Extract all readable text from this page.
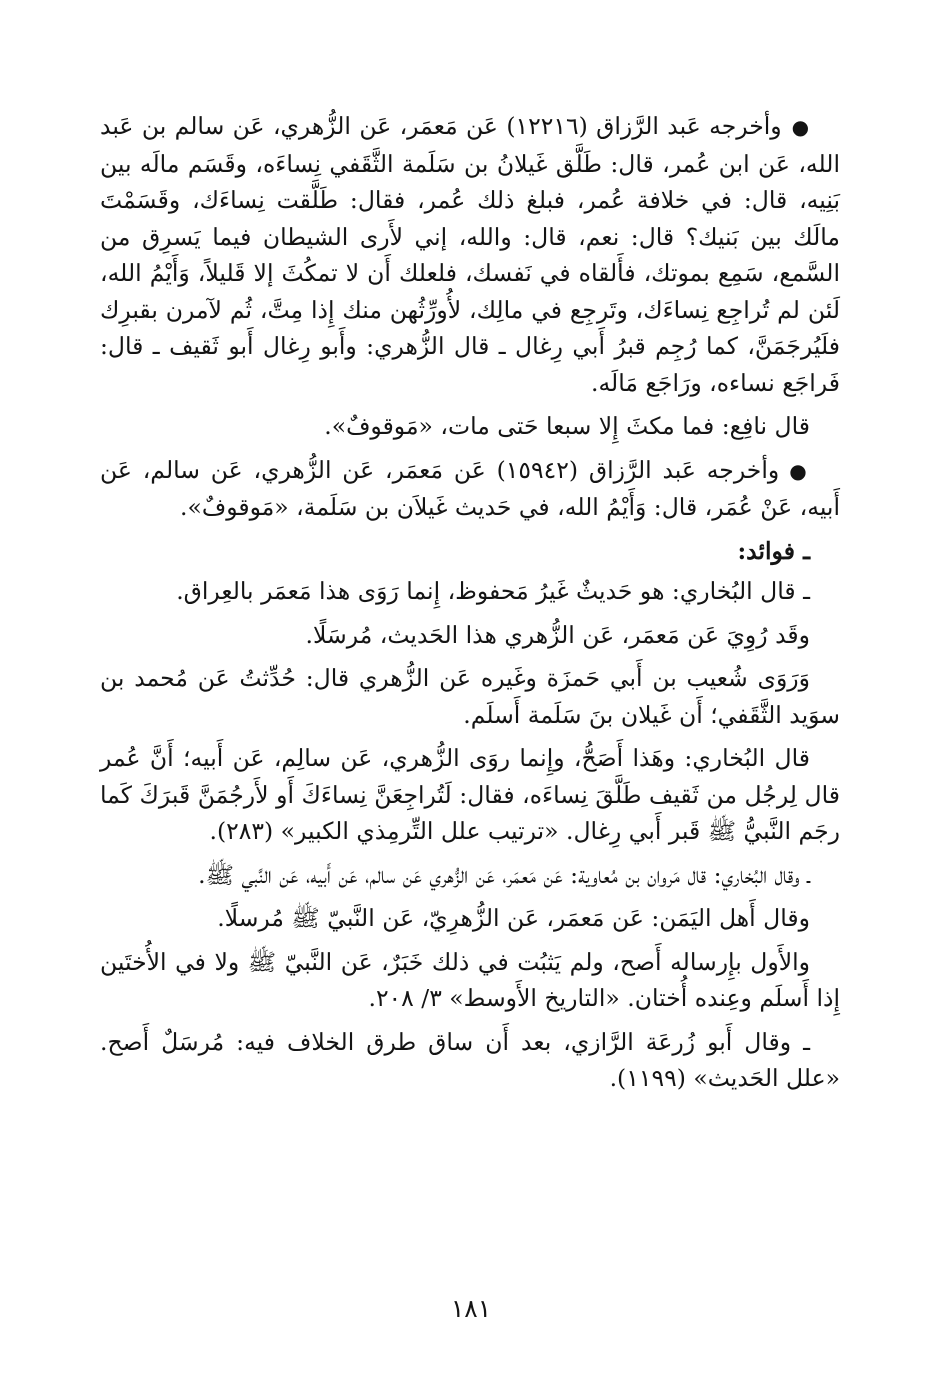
●وأخرجه عَبد الرَّزاق (١٢٢١٦) عَن مَعمَر، عَن الزُّهري، عَن سالم بن عَبد الله، عَن ابن عُمر، قال: طَلَّق غَيلانُ بن سَلَمة الثَّقَفي نِساءَه، وقَسَم مالَه بين بَنِيه، قال: في خلافة عُمر، فبلغ ذلك عُمر، فقال: طَلَّقت نِساءَك، وقَسَمْتَ مالَك بين بَنيك؟ قال: نعم، قال: والله، إني لأَرى الشيطان فيما يَسرِق من السَّمع، سَمِع بموتك، فأَلقاه في نَفسك، فلعلك أَن لا تمكُثَ إلا قَليلاً، وَأَيْمُ الله، لَئن لم تُراجِع نِساءَك، وتَرجِع في مالِك، لأُورِّثُهن منك إِذا مِتَّ، ثُم لآمرن بقبرِك فلَيُرجَمَنَّ، كما رُجِم قبرُ أَبي رِغال ـ قال الزُّهري: وأَبو رِغال أَبو ثَقيف ـ قال: فَراجَع نساءه، ورَاجَع مَالَه.

قال نافِع: فما مكثَ إِلا سبعا حَتى مات، «مَوقوفٌ».

●وأخرجه عَبد الرَّزاق (١٥٩٤٢) عَن مَعمَر، عَن الزُّهري، عَن سالم، عَن أَبيه، عَنْ عُمَر، قال: وَأَيْمُ الله، في حَديث غَيلاَن بن سَلَمة، «مَوقوفٌ».

ـ فوائد:

ـ قال البُخاري: هو حَديثٌ غَيرُ مَحفوظ، إِنما رَوَى هذا مَعمَر بالعِراق.

وقَد رُوِيَ عَن مَعمَر، عَن الزُّهري هذا الحَديث، مُرسَلًا.

وَرَوَى شُعيب بن أَبي حَمزَة وغَيره عَن الزُّهري قال: حُدِّثتُ عَن مُحمد بن سوَيد الثَّقَفي؛ أَن غَيلان بنَ سَلَمة أَسلَم.

قال البُخاري: وهَذا أَصَحُّ، وإِنما روَى الزُّهري، عَن سالِم، عَن أَبيه؛ أَنَّ عُمر قال لِرجُل من ثَقيف طَلَّقَ نِساءَه، فقال: لَتُراجِعَنَّ نِساءَكَ أَو لأَرجُمَنَّ قَبرَكَ كَما رجَم النَّبيُّ ﷺ قَبر أَبي رِغال. «ترتيب علل التِّرمِذي الكبير» (٢٨٣).

ـ وقال البُخاري: قال مَروان بن مُعاوية: عَن مَعمَر، عَن الزُّهري عَن سالم، عَن أَبيه، عَن النَّبي ﷺ.

وقال أَهل اليَمَن: عَن مَعمَر، عَن الزُّهرِيّ، عَن النَّبيّ ﷺ مُرسلًا.

والأَول بإِرساله أَصح، ولم يَثبُت في ذلك خَبَرٌ، عَن النَّبيّ ﷺ ولا في الأُختَين إِذا أَسلَم وعِنده أُختان. «التاريخ الأَوسط» ٣/ ٢٠٨.

ـ وقال أَبو زُرعَة الرَّازي، بعد أَن ساق طرق الخلاف فيه: مُرسَلٌ أَصح. «علل الحَديث» (١١٩٩).

١٨١
